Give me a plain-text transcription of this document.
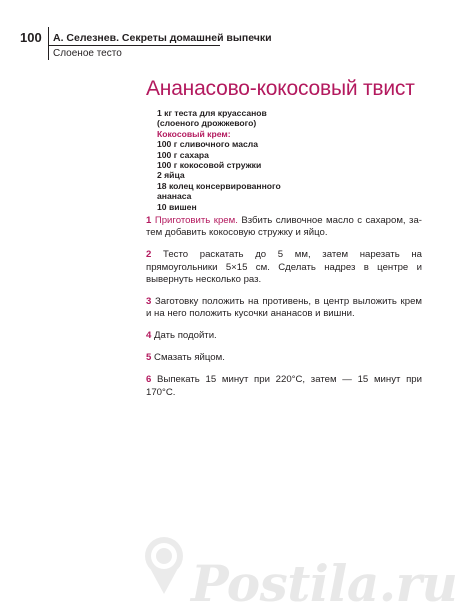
100 А. Селезнев. Секреты домашней выпечки
Слоеное тесто
Ананасово-кокосовый твист
1 кг теста для круассанов
(слоеного дрожжевого)
Кокосовый крем:
100 г сливочного масла
100 г сахара
100 г кокосовой стружки
2 яйца
18 колец консервированного
ананаса
10 вишен

1 Приготовить крем. Взбить сливочное масло с сахаром, за-тем добавить кокосовую стружку и яйцо.

2 Тесто раскатать до 5 мм, затем нарезать на прямоугольники 5×15 см. Сделать надрез в центре и вывернуть несколько раз.

3 Заготовку положить на противень, в центр выложить крем и на него положить кусочки ананасов и вишни.

4 Дать подойти.

5 Смазать яйцом.

6 Выпекать 15 минут при 220°С, затем — 15 минут при 170°С.

Postila.ru
